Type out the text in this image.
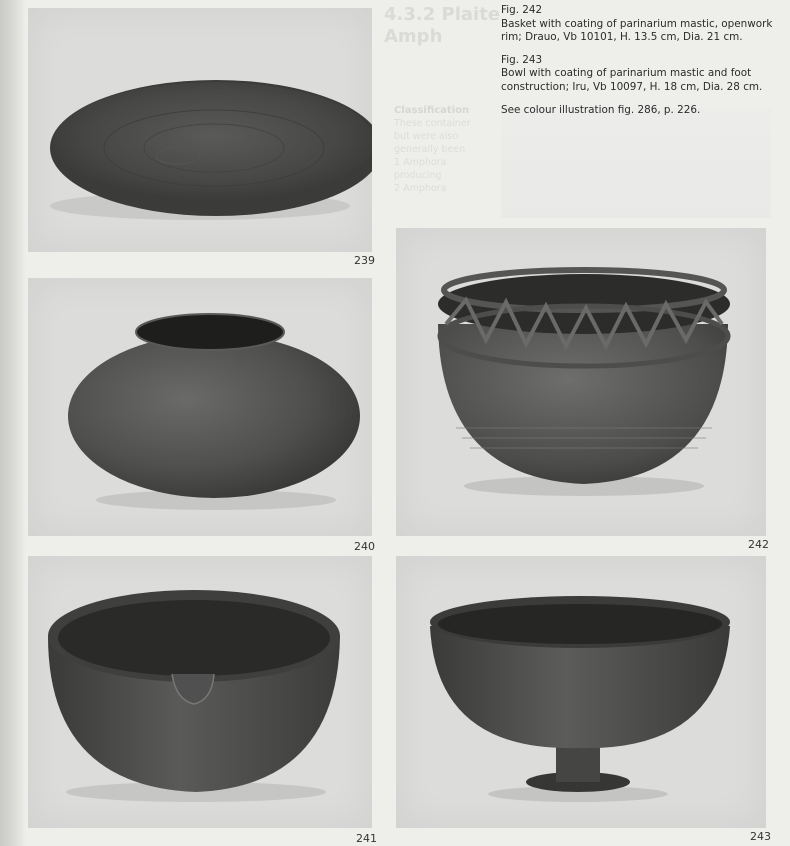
4.3.2 Plaite Amph
Classification
These container
but were also
generally been
1 Amphora
producing
2 Amphora

Fig. 242
Basket with coating of parinarium mastic, openwork rim; Drauo, Vb 10101, H. 13.5 cm, Dia. 21 cm.

Fig. 243
Bowl with coating of parinarium mastic and foot construction; Iru, Vb 10097, H. 18 cm, Dia. 28 cm.

See colour illustration fig. 286, p. 226.

239
240
241
242
243
